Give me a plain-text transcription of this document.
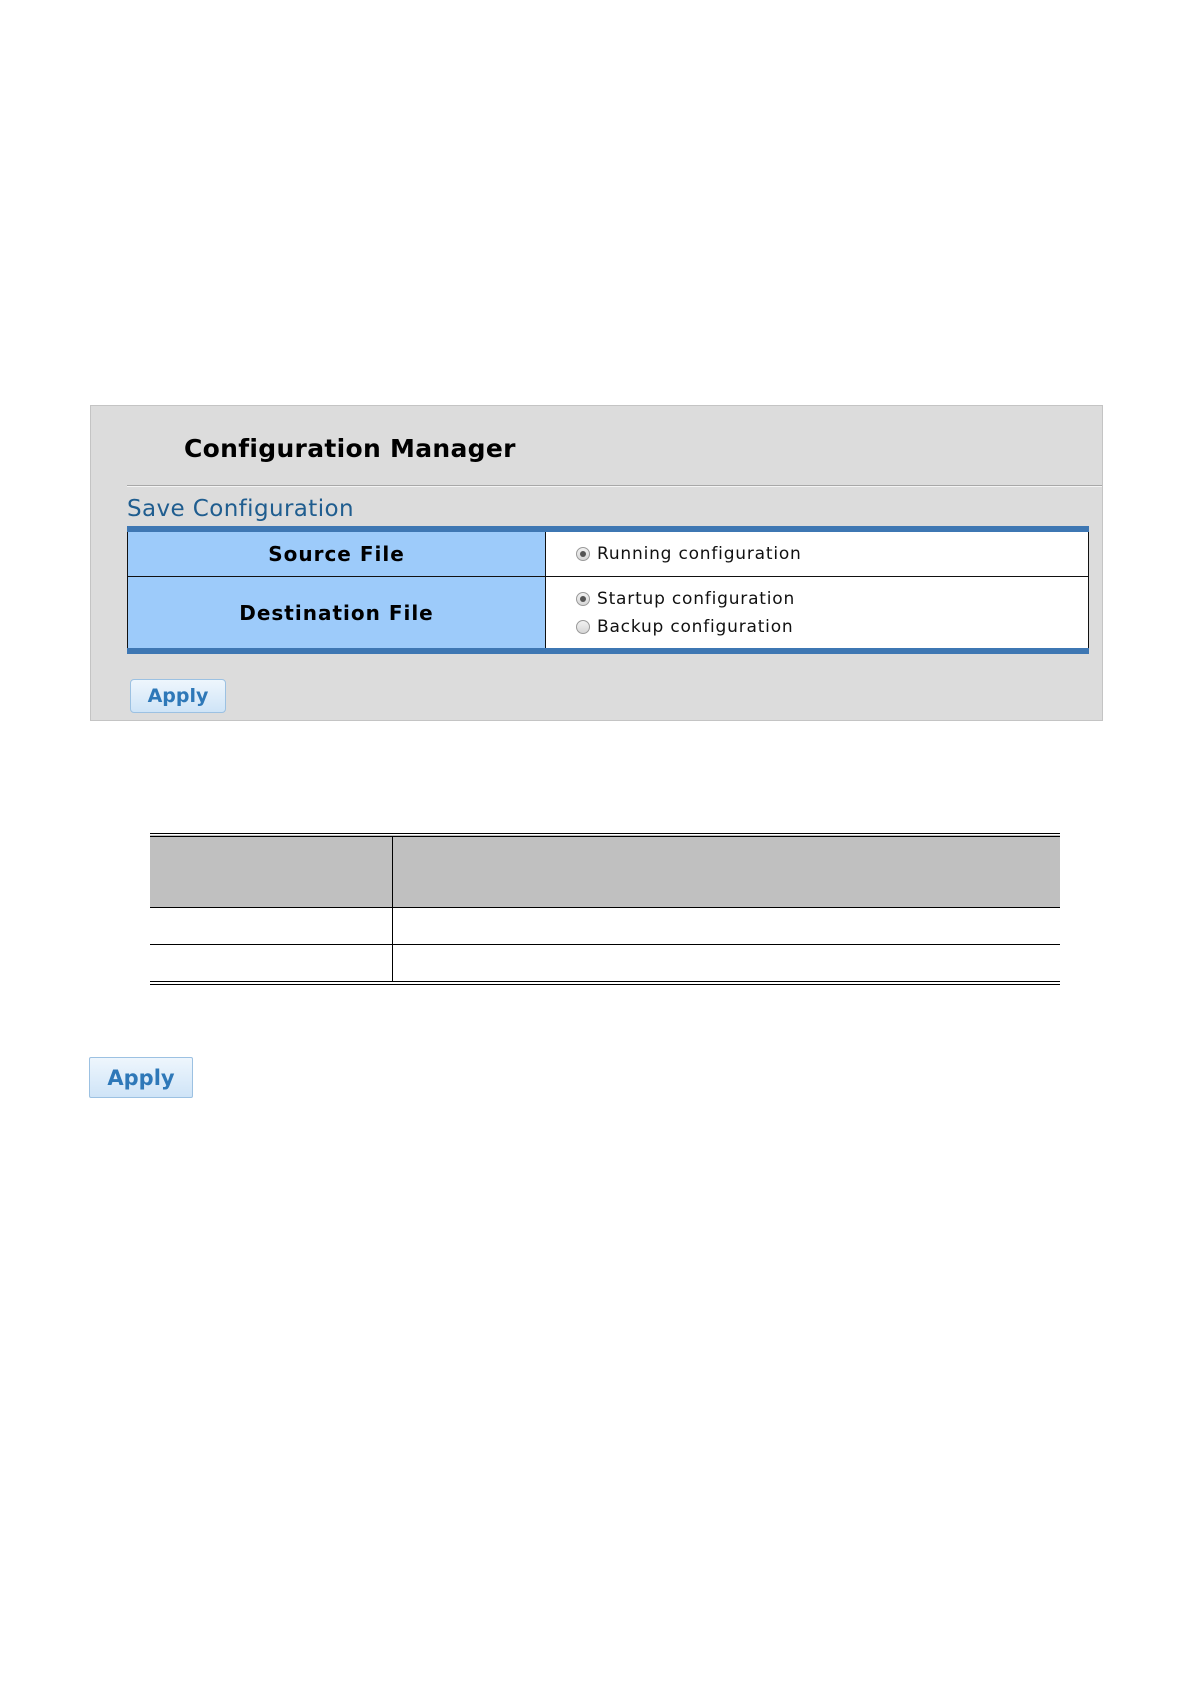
Configuration Manager
Save Configuration
Source File	Running configuration

Destination File	Startup configuration
Backup configuration
Apply

Apply
